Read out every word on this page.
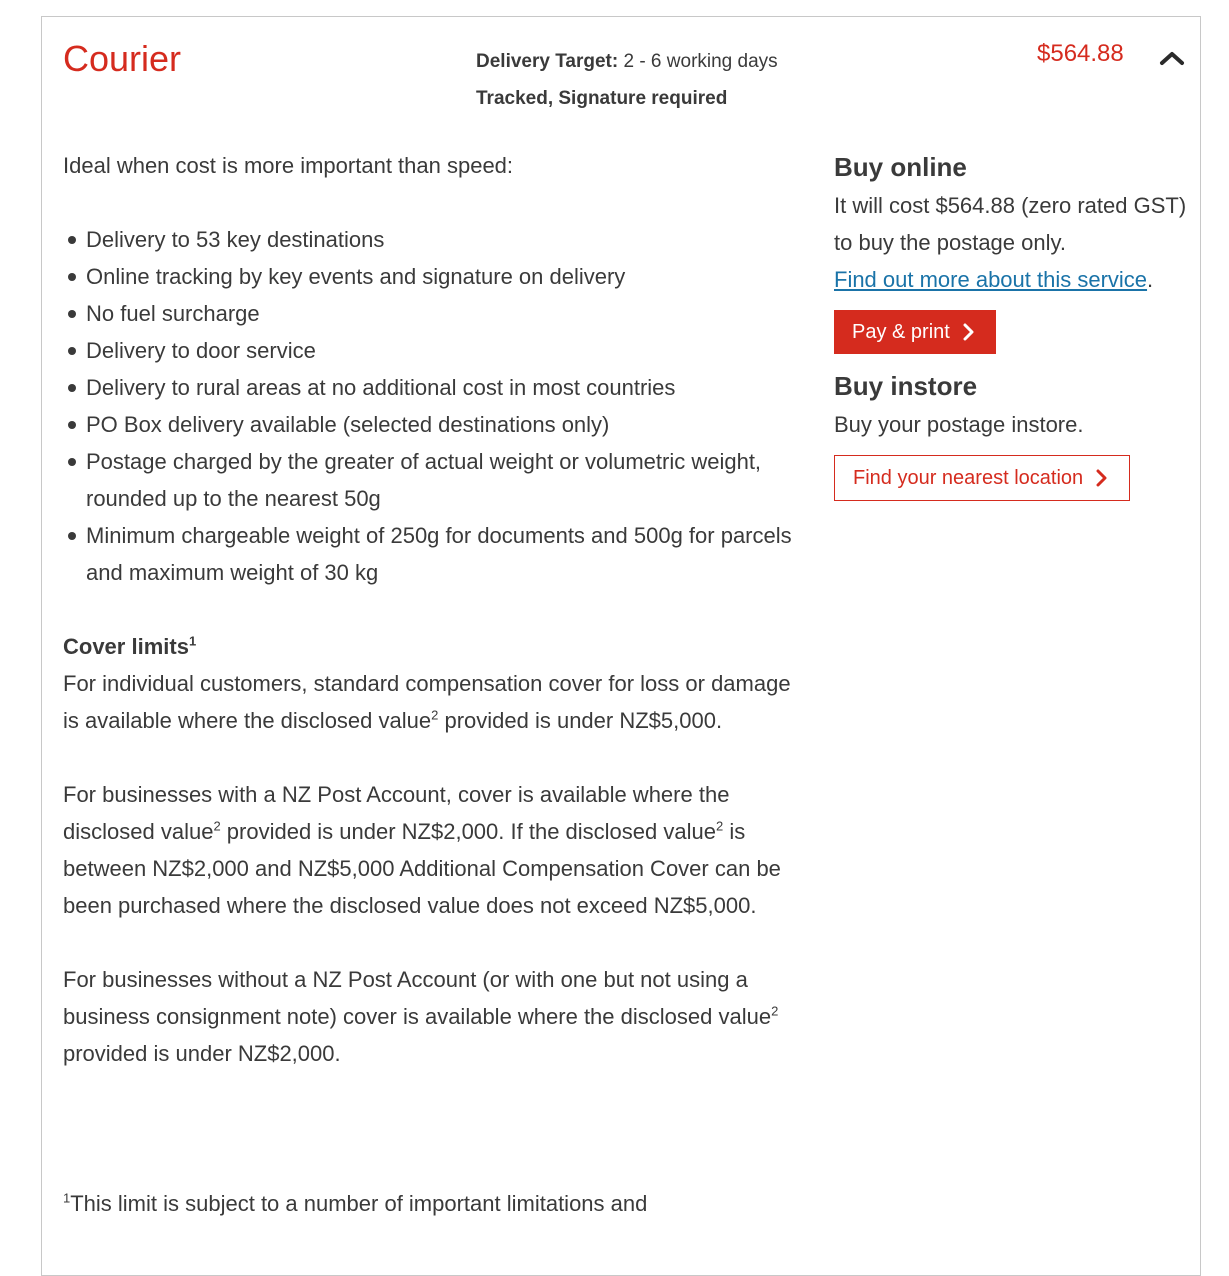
Courier	Delivery Target: 2 - 6 working days
Tracked, Signature required
$564.88

Ideal when cost is more important than speed:

Delivery to 53 key destinations
Online tracking by key events and signature on delivery
No fuel surcharge
Delivery to door service
Delivery to rural areas at no additional cost in most countries
PO Box delivery available (selected destinations only)
Postage charged by the greater of actual weight or volumetric weight, rounded up to the nearest 50g
Minimum chargeable weight of 250g for documents and 500g for parcels and maximum weight of 30 kg

Cover limits$^1$

For individual customers, standard compensation cover for loss or damage is available where the disclosed value$^2$ provided is under NZ$5,000.

For businesses with a NZ Post Account, cover is available where the disclosed value$^2$ provided is under NZ$2,000. If the disclosed value$^2$ is between NZ$2,000 and NZ$5,000 Additional Compensation Cover can be been purchased where the disclosed value does not exceed NZ$5,000.

For businesses without a NZ Post Account (or with one but not using a business consignment note) cover is available where the disclosed value$^2$ provided is under NZ$2,000.

Buy online

It will cost $564.88 (zero rated GST) to buy the postage only.

Find out more about this service.

Pay & print
Buy instore

Buy your postage instore.

Find your nearest location
$^1$This limit is subject to a number of important limitations and
